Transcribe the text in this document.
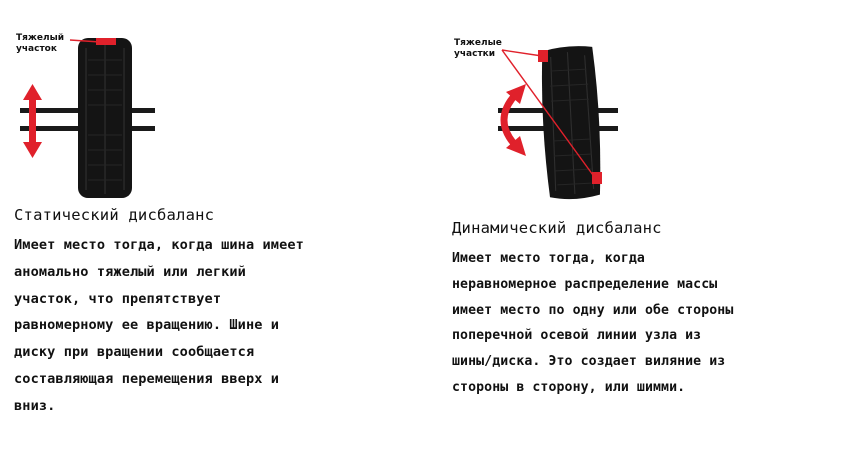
Тяжелый
участок
Статический дисбаланс
Имеет место тогда, когда шина имеет
аномально тяжелый или легкий
участок, что препятствует
равномерному ее вращению. Шине и
диску при вращении сообщается
составляющая перемещения вверх и
вниз.
Тяжелые
участки
Динамический дисбаланс
Имеет место тогда, когда
неравномерное распределение массы
имеет место по одну или обе стороны
поперечной осевой линии узла из
шины/диска. Это создает виляние из
стороны в сторону, или шимми.
